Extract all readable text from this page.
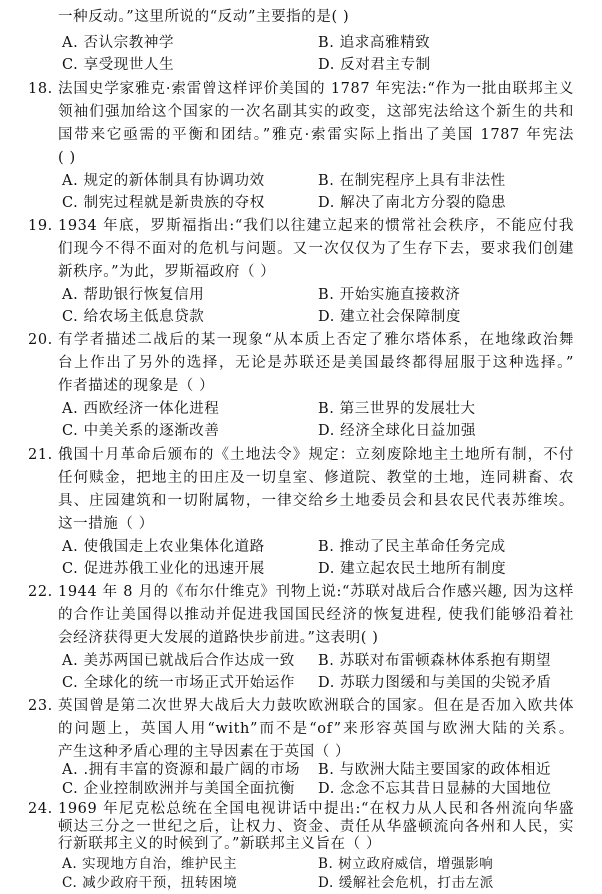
一种反动。”这里所说的“反动”主要指的是( )
A. 否认宗教神学	B. 追求高雅精致
C. 享受现世人生	D. 反对君主专制
18. 法国史学家雅克·索雷曾这样评价美国的 1787 年宪法:“作为一批由联邦主义
领袖们强加给这个国家的一次名副其实的政变，这部宪法给这个新生的共和
国带来它亟需的平衡和团结。”雅克·索雷实际上指出了美国 1787 年宪法
( )
A. 规定的新体制具有协调功效	B. 在制宪程序上具有非法性
C. 制宪过程就是新贵族的夺权	D. 解决了南北方分裂的隐患
19. 1934 年底，罗斯福指出:“我们以往建立起来的惯常社会秩序，不能应付我
们现今不得不面对的危机与问题。又一次仅仅为了生存下去，要求我们创建
新秩序。”为此，罗斯福政府（ ）
A. 帮助银行恢复信用	B. 开始实施直接救济
C. 给农场主低息贷款	D. 建立社会保障制度
20. 有学者描述二战后的某一现象“从本质上否定了雅尔塔体系，在地缘政治舞
台上作出了另外的选择，无论是苏联还是美国最终都得屈服于这种选择。”
作者描述的现象是（ ）
A. 西欧经济一体化进程	B. 第三世界的发展壮大
C. 中美关系的逐渐改善	D. 经济全球化日益加强
21. 俄国十月革命后颁布的《土地法令》规定：立刻废除地主土地所有制，不付
任何赎金，把地主的田庄及一切皇室、修道院、教堂的土地，连同耕畜、农
具、庄园建筑和一切附属物，一律交给乡土地委员会和县农民代表苏维埃。
这一措施（ ）
A. 使俄国走上农业集体化道路	B. 推动了民主革命任务完成
C. 促进苏俄工业化的迅速开展	D. 建立起农民土地所有制度
22. 1944 年 8 月的《布尔什维克》刊物上说:“苏联对战后合作感兴趣, 因为这样
的合作让美国得以推动并促进我国国民经济的恢复进程, 使我们能够沿着社
会经济获得更大发展的道路快步前进。”这表明( )
A. 美苏两国已就战后合作达成一致 B. 苏联对布雷顿森林体系抱有期望
C. 全球化的统一市场正式开始运作 D. 苏联力图缓和与美国的尖锐矛盾
23. 英国曾是第二次世界大战后大力鼓吹欧洲联合的国家。但在是否加入欧共体
的问题上，英国人用“with”而不是“of”来形容英国与欧洲大陆的关系。
产生这种矛盾心理的主导因素在于英国（ ）
A. .拥有丰富的资源和最广阔的市场 B. 与欧洲大陆主要国家的政体相近
C. 企业控制欧洲并与美国全面抗衡 D. 念念不忘其昔日显赫的大国地位
24. 1969 年尼克松总统在全国电视讲话中提出:“在权力从人民和各州流向华盛
顿达三分之一世纪之后，让权力、资金、责任从华盛顿流向各州和人民，实
行新联邦主义的时候到了。”新联邦主义旨在（ ）
A. 实现地方自治，维护民主	B. 树立政府威信，增强影响
C. 减少政府干预，扭转困境	D. 缓解社会危机，打击左派
